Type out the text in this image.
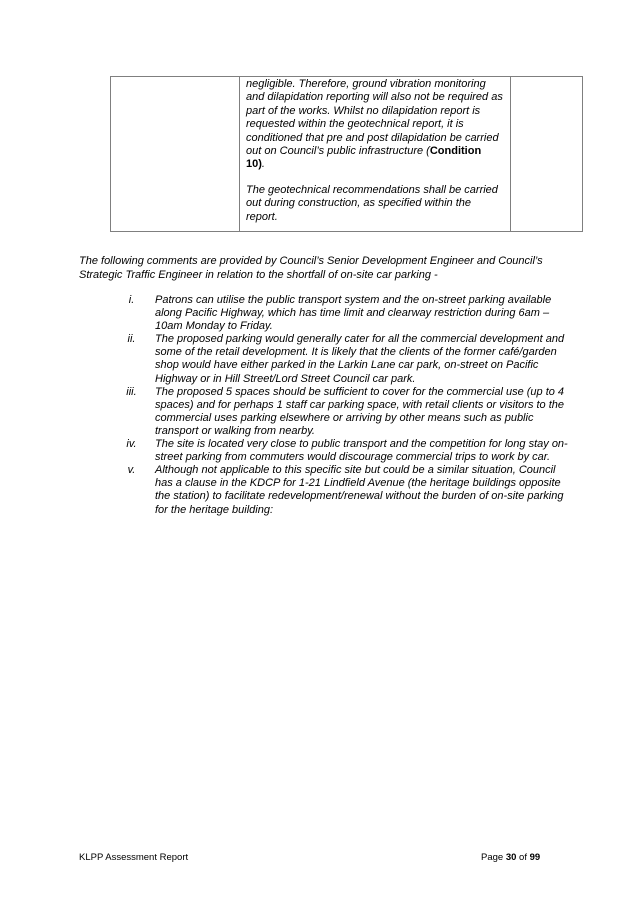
negligible. Therefore, ground vibration monitoring and dilapidation reporting will also not be required as part of the works. Whilst no dilapidation report is requested within the geotechnical report, it is conditioned that pre and post dilapidation be carried out on Council’s public infrastructure (Condition 10).

The geotechnical recommendations shall be carried out during construction, as specified within the report.

The following comments are provided by Council’s Senior Development Engineer and Council’s Strategic Traffic Engineer in relation to the shortfall of on-site car parking -

i.	Patrons can utilise the public transport system and the on-street parking available along Pacific Highway, which has time limit and clearway restriction during 6am – 10am Monday to Friday.
ii.	The proposed parking would generally cater for all the commercial development and some of the retail development. It is likely that the clients of the former café/garden shop would have either parked in the Larkin Lane car park, on-street on Pacific Highway or in Hill Street/Lord Street Council car park.
iii.	The proposed 5 spaces should be sufficient to cover for the commercial use (up to 4 spaces) and for perhaps 1 staff car parking space, with retail clients or visitors to the commercial uses parking elsewhere or arriving by other means such as public transport or walking from nearby.
iv.	The site is located very close to public transport and the competition for long stay on-street parking from commuters would discourage commercial trips to work by car.
v.	Although not applicable to this specific site but could be a similar situation, Council has a clause in the KDCP for 1-21 Lindfield Avenue (the heritage buildings opposite the station) to facilitate redevelopment/renewal without the burden of on-site parking for the heritage building:
KLPP Assessment Report	Page 30 of 99
